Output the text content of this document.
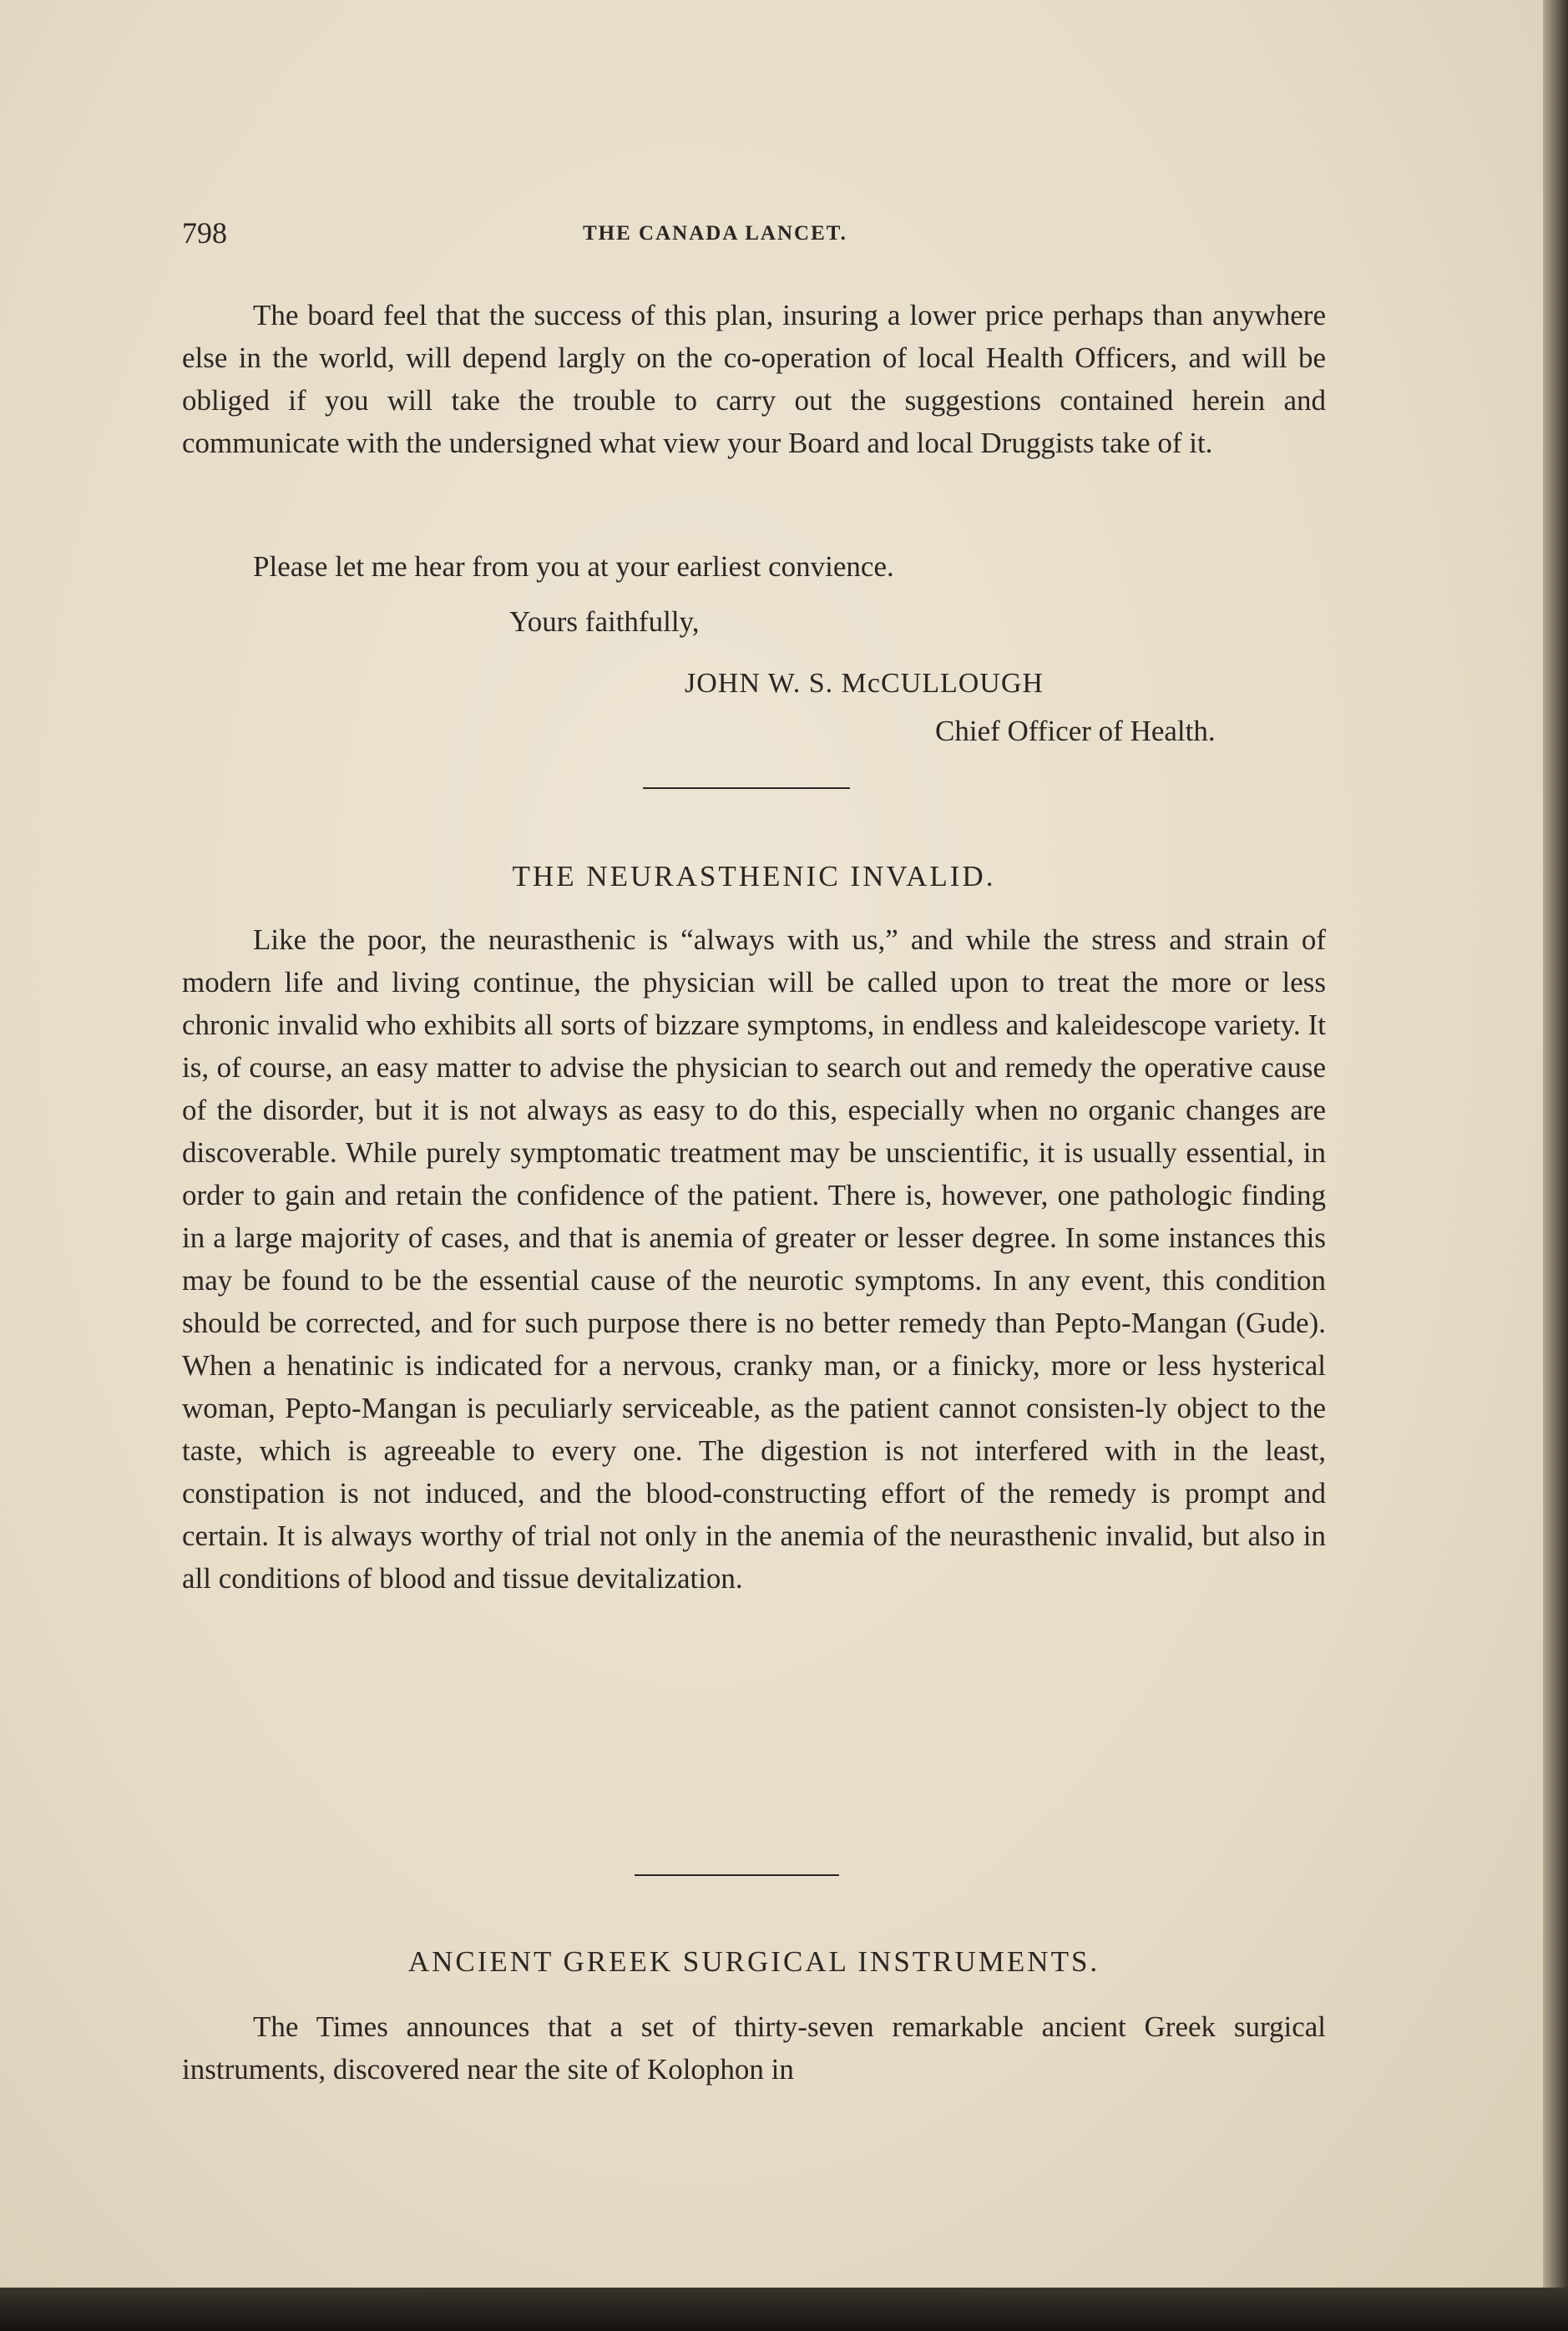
798	THE CANADA LANCET.

The board feel that the success of this plan, insuring a lower price perhaps than anywhere else in the world, will depend largly on the co-operation of local Health Officers, and will be obliged if you will take the trouble to carry out the suggestions contained herein and communicate with the undersigned what view your Board and local Druggists take of it.

Please let me hear from you at your earliest convience.

Yours faithfully,
JOHN W. S. McCULLOUGH
Chief Officer of Health.
THE NEURASTHENIC INVALID.

Like the poor, the neurasthenic is “always with us,” and while the stress and strain of modern life and living continue, the physician will be called upon to treat the more or less chronic invalid who exhibits all sorts of bizzare symptoms, in endless and kaleidescope variety. It is, of course, an easy matter to advise the physician to search out and remedy the operative cause of the disorder, but it is not always as easy to do this, especially when no organic changes are discoverable. While purely symptomatic treatment may be unscientific, it is usually essential, in order to gain and retain the confidence of the patient. There is, however, one pathologic finding in a large majority of cases, and that is anemia of greater or lesser degree. In some instances this may be found to be the essential cause of the neurotic symptoms. In any event, this condition should be corrected, and for such purpose there is no better remedy than Pepto-Mangan (Gude). When a henatinic is indicated for a nervous, cranky man, or a finicky, more or less hysterical woman, Pepto-Mangan is peculiarly serviceable, as the patient cannot consisten-ly object to the taste, which is agreeable to every one. The digestion is not interfered with in the least, constipation is not induced, and the blood-constructing effort of the remedy is prompt and certain. It is always worthy of trial not only in the anemia of the neurasthenic invalid, but also in all conditions of blood and tissue devitalization.

ANCIENT GREEK SURGICAL INSTRUMENTS.

The Times announces that a set of thirty-seven remarkable ancient Greek surgical instruments, discovered near the site of Kolophon in
